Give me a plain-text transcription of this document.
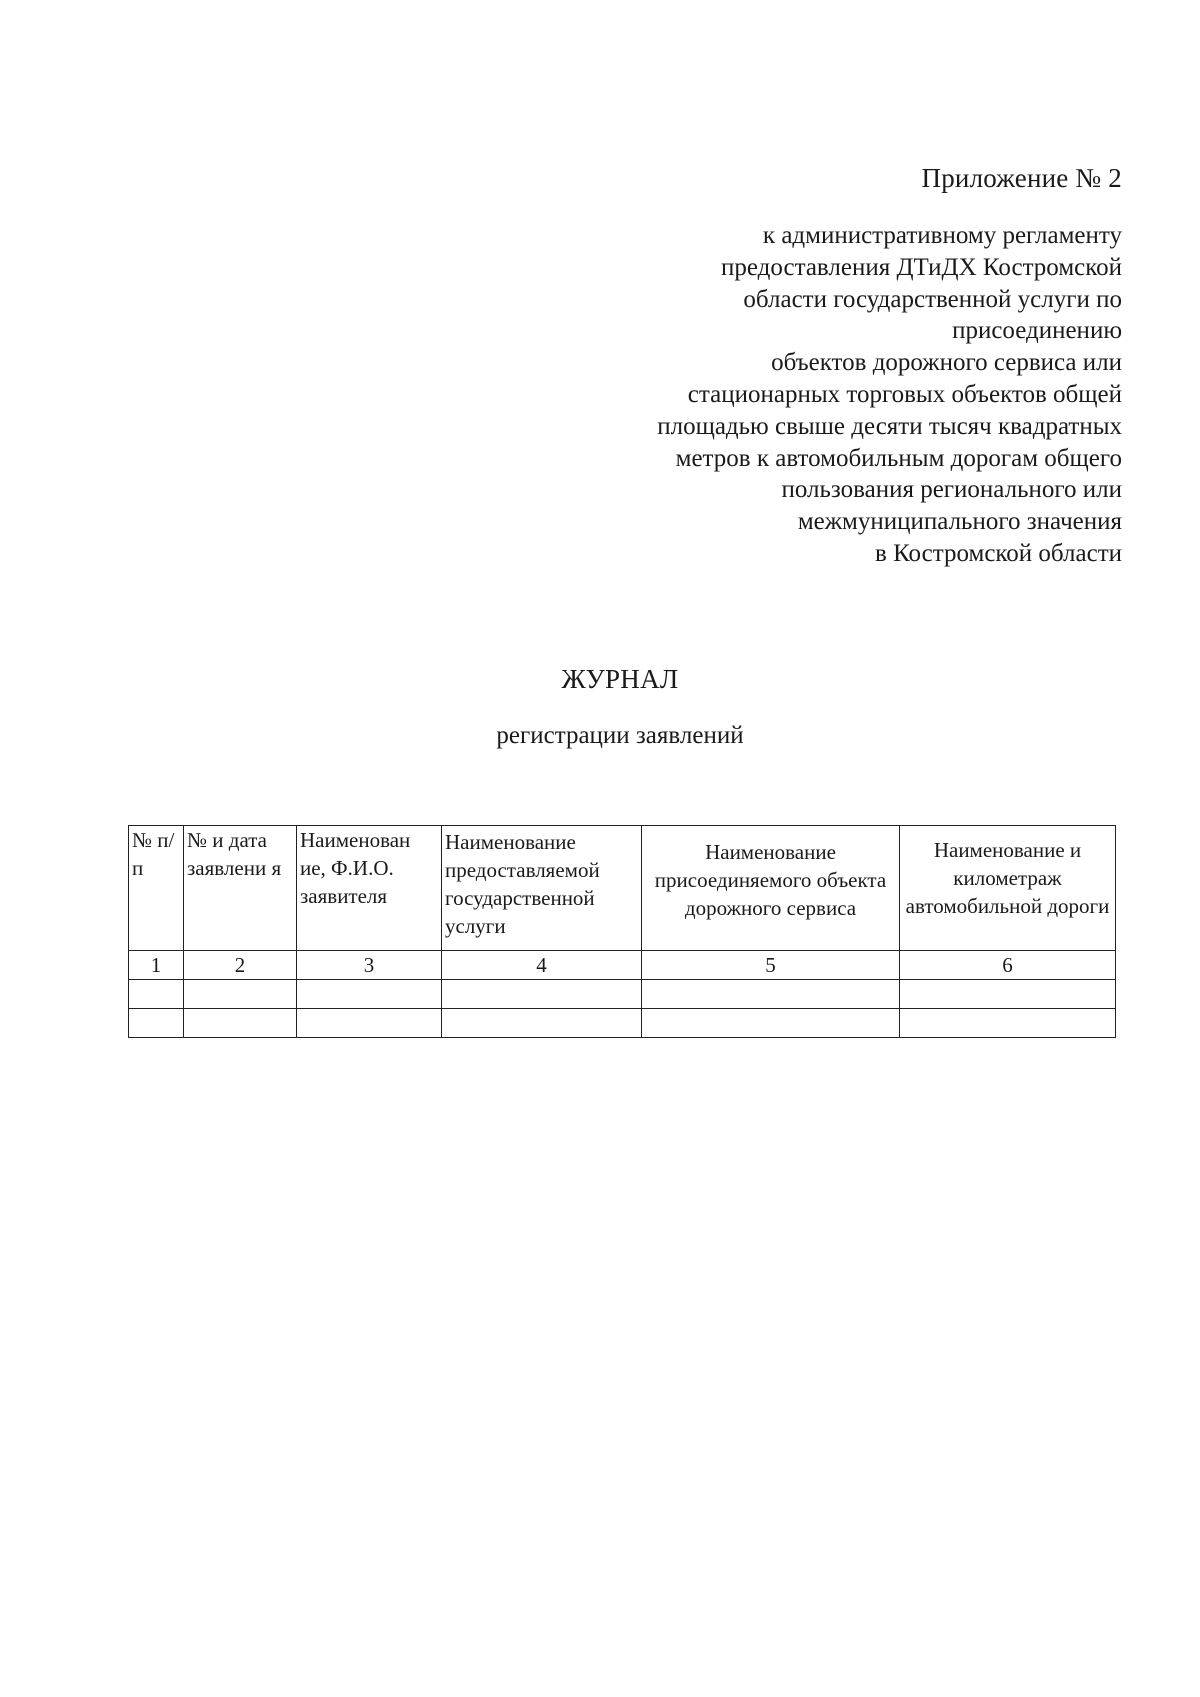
Приложение № 2
к административному регламенту
предоставления ДТиДХ Костромской
области государственной услуги по
присоединению
объектов дорожного сервиса или
стационарных торговых объектов общей
площадью свыше десяти тысяч квадратных
метров к автомобильным дорогам общего
пользования регионального или
межмуниципального значения
в Костромской области
ЖУРНАЛ
регистрации заявлений
№ п/п	№ и дата заявлени я	Наименован ие, Ф.И.О. заявителя	Наименование предоставляемой государственной услуги	Наименование присоединяемого объекта дорожного сервиса	Наименование и километраж автомобильной дороги
1	2	3	4	5	6
